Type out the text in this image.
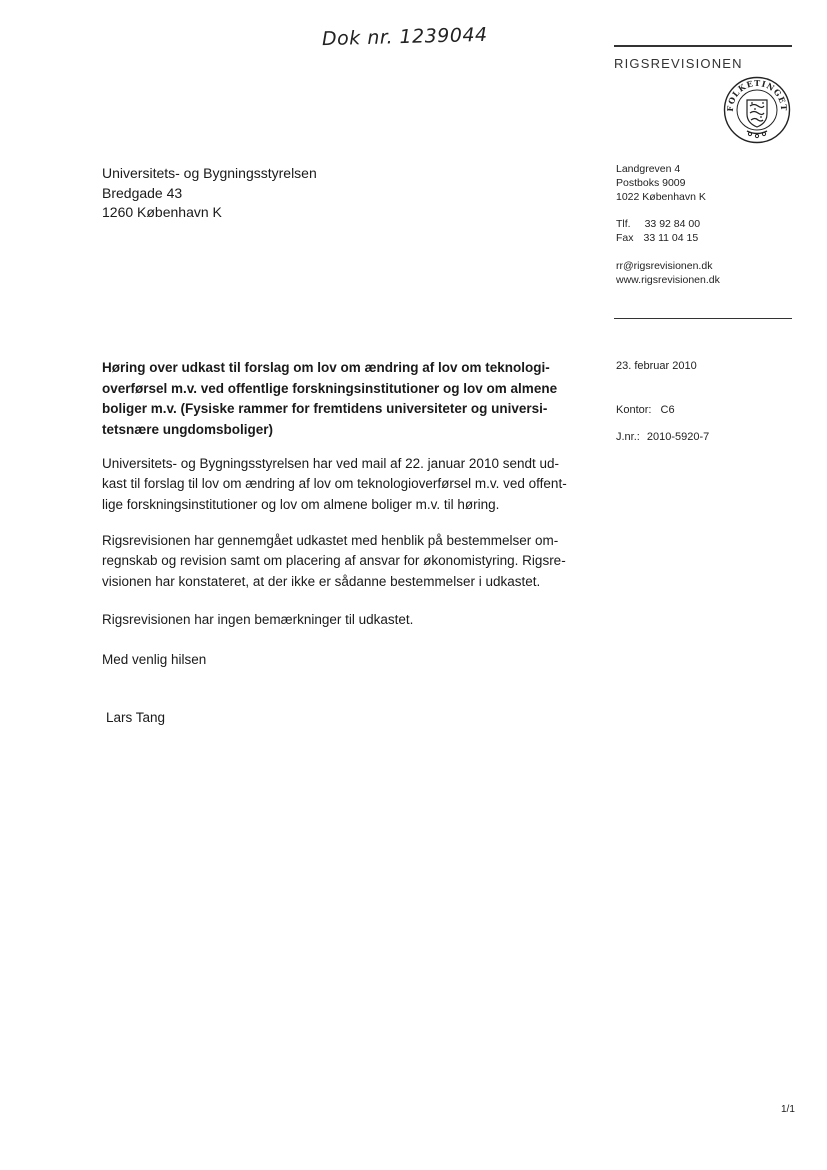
Dok nr. 1239044
RIGSREVISIONEN
FOLKETINGET
Universitets- og Bygningsstyrelsen
Bredgade 43
1260 København K
Landgreven 4
Postboks 9009
1022 København K
Tlf. 33 92 84 00
Fax 33 11 04 15
rr@rigsrevisionen.dk
www.rigsrevisionen.dk
23. februar 2010
Kontor: C6
J.nr.: 2010-5920-7
Høring over udkast til forslag om lov om ændring af lov om teknologi-
overførsel m.v. ved offentlige forskningsinstitutioner og lov om almene
boliger m.v. (Fysiske rammer for fremtidens universiteter og universi-
tetsnære ungdomsboliger)
Universitets- og Bygningsstyrelsen har ved mail af 22. januar 2010 sendt ud-
kast til forslag til lov om ændring af lov om teknologioverførsel m.v. ved offent-
lige forskningsinstitutioner og lov om almene boliger m.v. til høring.
Rigsrevisionen har gennemgået udkastet med henblik på bestemmelser om-
regnskab og revision samt om placering af ansvar for økonomistyring. Rigsre-
visionen har konstateret, at der ikke er sådanne bestemmelser i udkastet.
Rigsrevisionen har ingen bemærkninger til udkastet.
Med venlig hilsen
Lars Tang
1/1
